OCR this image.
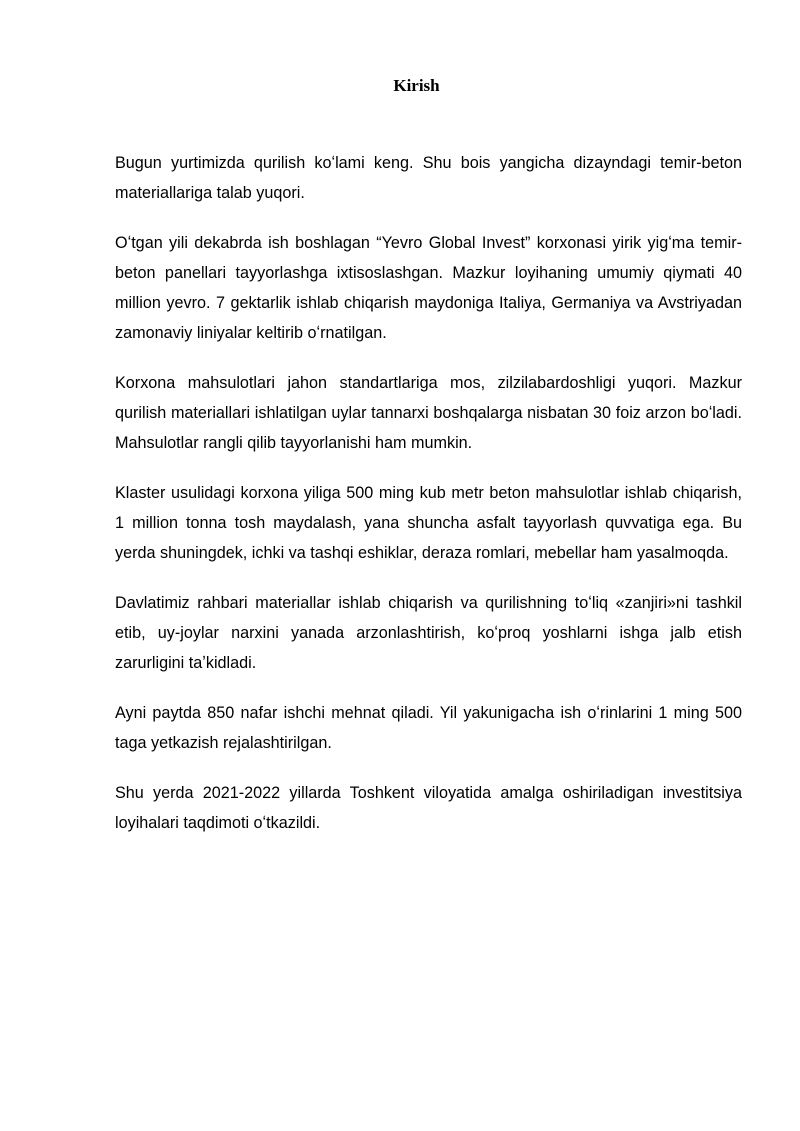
Kirish

Bugun yurtimizda qurilish koʻlami keng. Shu bois yangicha dizayndagi temir-beton materiallariga talab yuqori.

Oʻtgan yili dekabrda ish boshlagan “Yevro Global Invest” korxonasi yirik yigʻma temir-beton panellari tayyorlashga ixtisoslashgan. Mazkur loyihaning umumiy qiymati 40 million yevro. 7 gektarlik ishlab chiqarish maydoniga Italiya, Germaniya va Avstriyadan zamonaviy liniyalar keltirib oʻrnatilgan.

Korxona mahsulotlari jahon standartlariga mos, zilzilabardoshligi yuqori. Mazkur qurilish materiallari ishlatilgan uylar tannarxi boshqalarga nisbatan 30 foiz arzon boʻladi. Mahsulotlar rangli qilib tayyorlanishi ham mumkin.

Klaster usulidagi korxona yiliga 500 ming kub metr beton mahsulotlar ishlab chiqarish, 1 million tonna tosh maydalash, yana shuncha asfalt tayyorlash quvvatiga ega. Bu yerda shuningdek, ichki va tashqi eshiklar, deraza romlari, mebellar ham yasalmoqda.

Davlatimiz rahbari materiallar ishlab chiqarish va qurilishning toʻliq «zanjiri»ni tashkil etib, uy-joylar narxini yanada arzonlashtirish, koʻproq yoshlarni ishga jalb etish zarurligini taʼkidladi.

Ayni paytda 850 nafar ishchi mehnat qiladi. Yil yakunigacha ish oʻrinlarini 1 ming 500 taga yetkazish rejalashtirilgan.

Shu yerda 2021-2022 yillarda Toshkent viloyatida amalga oshiriladigan investitsiya loyihalari taqdimoti oʻtkazildi.
